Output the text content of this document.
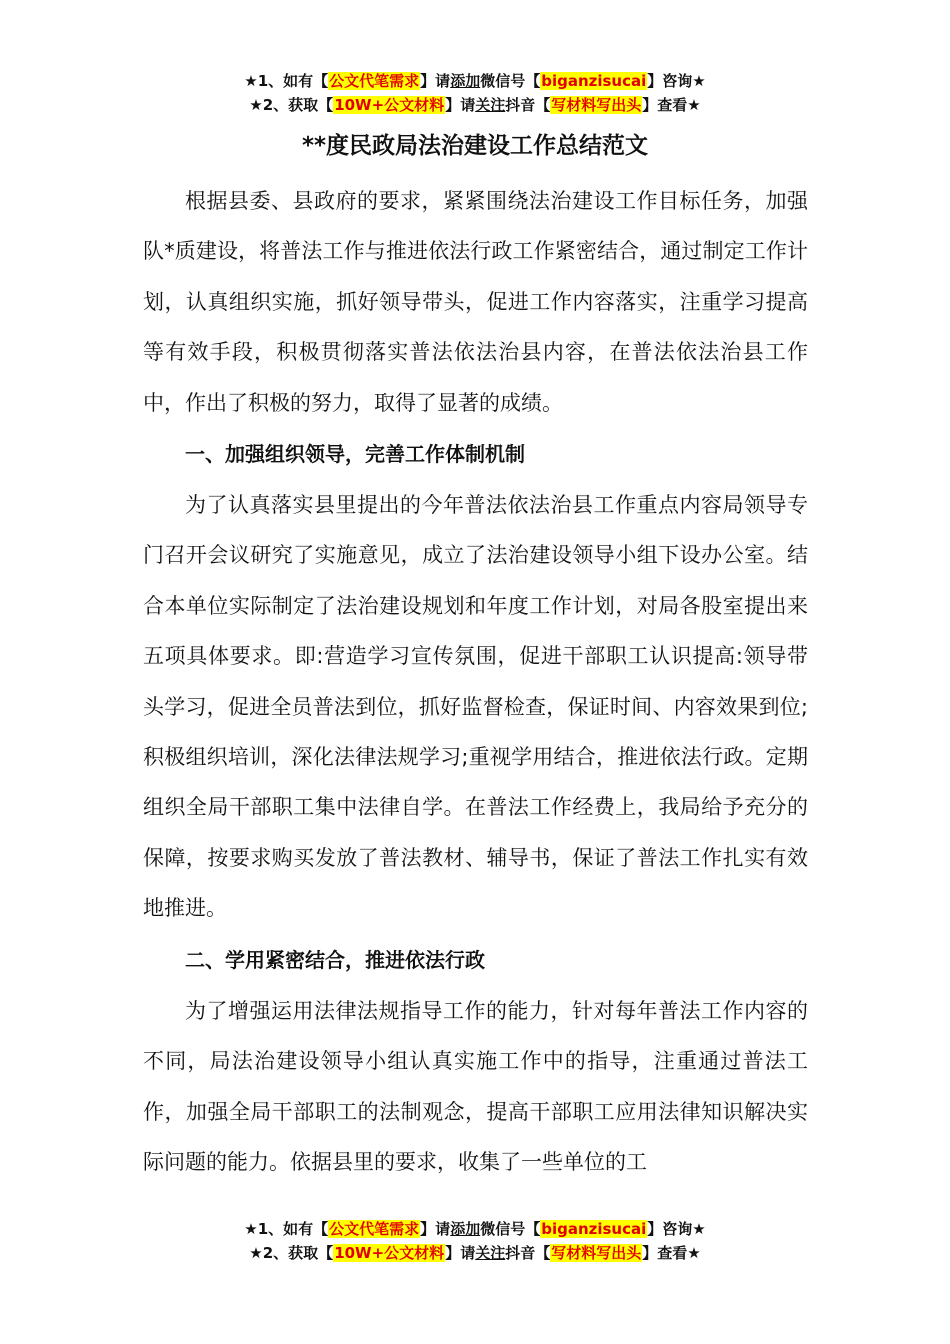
★1、如有【公文代笔需求】请添加微信号【biganzisucai】咨询★
★2、获取【10W+公文材料】请关注抖音【写材料写出头】查看★
**度民政局法治建设工作总结范文

根据县委、县政府的要求，紧紧围绕法治建设工作目标任务，加强队*质建设，将普法工作与推进依法行政工作紧密结合，通过制定工作计划，认真组织实施，抓好领导带头，促进工作内容落实，注重学习提高等有效手段，积极贯彻落实普法依法治县内容，在普法依法治县工作中，作出了积极的努力，取得了显著的成绩。

一、加强组织领导，完善工作体制机制

为了认真落实县里提出的今年普法依法治县工作重点内容局领导专门召开会议研究了实施意见，成立了法治建设领导小组下设办公室。结合本单位实际制定了法治建设规划和年度工作计划，对局各股室提出来五项具体要求。即:营造学习宣传氛围，促进干部职工认识提高:领导带头学习，促进全员普法到位，抓好监督检查，保证时间、内容效果到位;积极组织培训，深化法律法规学习;重视学用结合，推进依法行政。定期组织全局干部职工集中法律自学。在普法工作经费上，我局给予充分的保障，按要求购买发放了普法教材、辅导书，保证了普法工作扎实有效地推进。

二、学用紧密结合，推进依法行政

为了增强运用法律法规指导工作的能力，针对每年普法工作内容的不同，局法治建设领导小组认真实施工作中的指导，注重通过普法工作，加强全局干部职工的法制观念，提高干部职工应用法律知识解决实际问题的能力。依据县里的要求，收集了一些单位的工

★1、如有【公文代笔需求】请添加微信号【biganzisucai】咨询★
★2、获取【10W+公文材料】请关注抖音【写材料写出头】查看★
